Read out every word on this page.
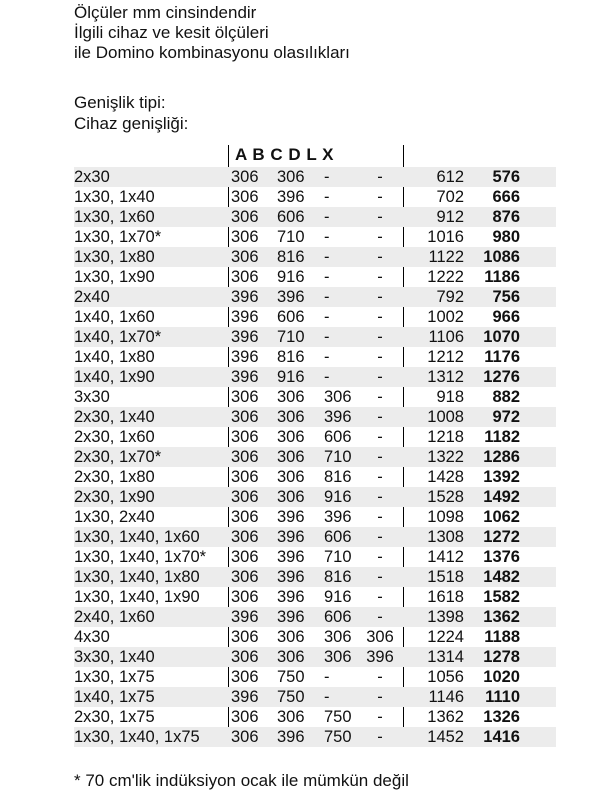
Ölçüler mm cinsindendir
İlgili cihaz ve kesit ölçüleri
ile Domino kombinasyonu olasılıkları
Genişlik tipi:
Cihaz genişliği:
A B C D L X
2x30	306 306 -	-	612	576
1x30, 1x40	306 396 -	-	702	666
1x30, 1x60	306 606 -	-	912	876
1x30, 1x70*	306 710 -	-	1016	980
1x30, 1x80	306 816 -	-	1122	1086
1x30, 1x90	306 916 -	-	1222	1186
2x40	396 396 -	-	792	756
1x40, 1x60	396 606 -	-	1002	966
1x40, 1x70*	396 710 -	-	1106	1070
1x40, 1x80	396 816 -	-	1212	1176
1x40, 1x90	396 916 -	-	1312	1276
3x30	306 306 306	-	918	882
2x30, 1x40	306 306 396	-	1008	972
2x30, 1x60	306 306 606	-	1218	1182
2x30, 1x70*	306 306 710	-	1322	1286
2x30, 1x80	306 306 816	-	1428	1392
2x30, 1x90	306 306 916	-	1528	1492
1x30, 2x40	306 396 396	-	1098	1062
1x30, 1x40, 1x60 306 396 606	-	1308	1272
1x30, 1x40, 1x70* 306 396 710	-	1412	1376
1x30, 1x40, 1x80 306 396 816	-	1518	1482
1x30, 1x40, 1x90 306 396 916	-	1618	1582
2x40, 1x60	396 396 606	-	1398	1362
4x30	306 306 306 306	1224	1188
3x30, 1x40	306 306 306 396	1314	1278
1x30, 1x75	306 750 -	-	1056	1020
1x40, 1x75	396 750 -	-	1146	1110
2x30, 1x75	306 306 750	-	1362	1326
1x30, 1x40, 1x75 306 396 750	-	1452	1416
* 70 cm'lik indüksiyon ocak ile mümkün değil
